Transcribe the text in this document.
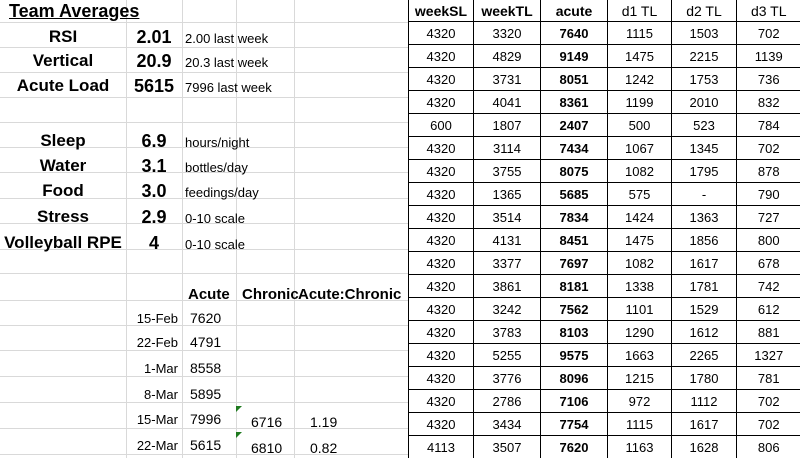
Team Averages
RSI	2.01	2.00 last week
Vertical	20.9	20.3 last week
Acute Load	5615 7996 last week
Sleep	6.9	hours/night
Water	3.1	bottles/day
Food	3.0	feedings/day
Stress	2.9	0-10 scale
Volleyball RPE	4	0-10 scale
Acute Chronic Acute:Chronic
15-Feb 7620
22-Feb 4791
1-Mar 8558
8-Mar 5895
15-Mar 7996 6716 1.19
22-Mar 5615 6810 0.82
weekSL	weekTL	acute	d1 TL	d2 TL	d3 TL
4320	3320	7640	1115	1503	702
4320	4829	9149	1475	2215	1139
4320	3731	8051	1242	1753	736
4320	4041	8361	1199	2010	832
600	1807	2407	500	523	784
4320	3114	7434	1067	1345	702
4320	3755	8075	1082	1795	878
4320	1365	5685	575	-	790
4320	3514	7834	1424	1363	727
4320	4131	8451	1475	1856	800
4320	3377	7697	1082	1617	678
4320	3861	8181	1338	1781	742
4320	3242	7562	1101	1529	612
4320	3783	8103	1290	1612	881
4320	5255	9575	1663	2265	1327
4320	3776	8096	1215	1780	781
4320	2786	7106	972	1112	702
4320	3434	7754	1115	1617	702
4113	3507	7620	1163	1628	806
